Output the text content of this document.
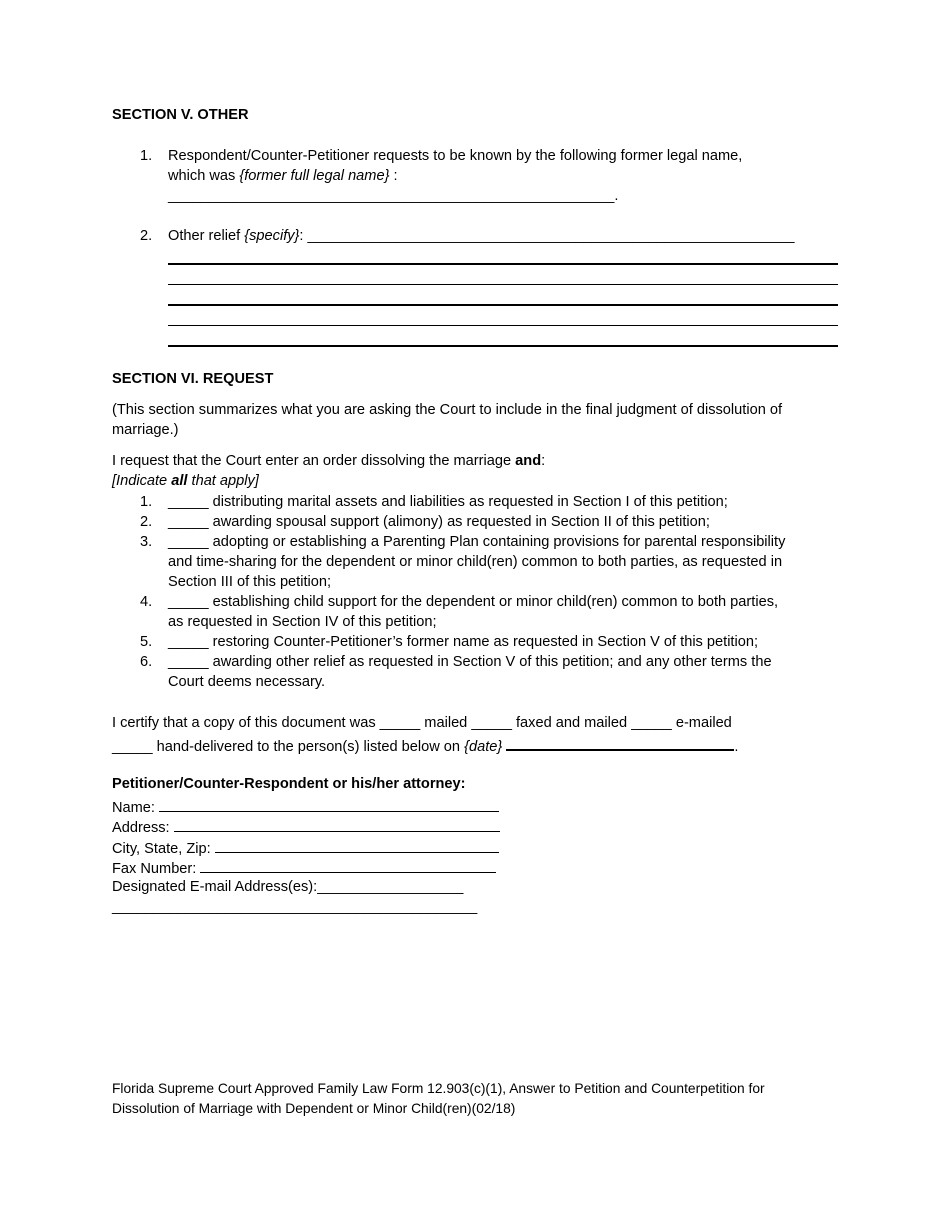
SECTION V. OTHER
1. Respondent/Counter-Petitioner requests to be known by the following former legal name,
which was {former full legal name} :
_______________________________________________________.
2. Other relief {specify}: ____________________________________________________________
SECTION VI. REQUEST
(This section summarizes what you are asking the Court to include in the final judgment of dissolution of marriage.)
I request that the Court enter an order dissolving the marriage and:
[Indicate all that apply]
1. _____ distributing marital assets and liabilities as requested in Section I of this petition;
2. _____ awarding spousal support (alimony) as requested in Section II of this petition;
3. _____ adopting or establishing a Parenting Plan containing provisions for parental responsibility
and time-sharing for the dependent or minor child(ren) common to both parties, as requested in
Section III of this petition;
4. _____ establishing child support for the dependent or minor child(ren) common to both parties,
as requested in Section IV of this petition;
5. _____ restoring Counter-Petitioner’s former name as requested in Section V of this petition;
6. _____ awarding other relief as requested in Section V of this petition; and any other terms the
Court deems necessary.
I certify that a copy of this document was _____ mailed _____ faxed and mailed _____ e-mailed
_____ hand-delivered to the person(s) listed below on {date}	.
Petitioner/Counter-Respondent or his/her attorney:
Name:
Address:
City, State, Zip:
Fax Number:
Designated E-mail Address(es):__________________
_____________________________________________
Florida Supreme Court Approved Family Law Form 12.903(c)(1), Answer to Petition and Counterpetition for
Dissolution of Marriage with Dependent or Minor Child(ren)(02/18)
